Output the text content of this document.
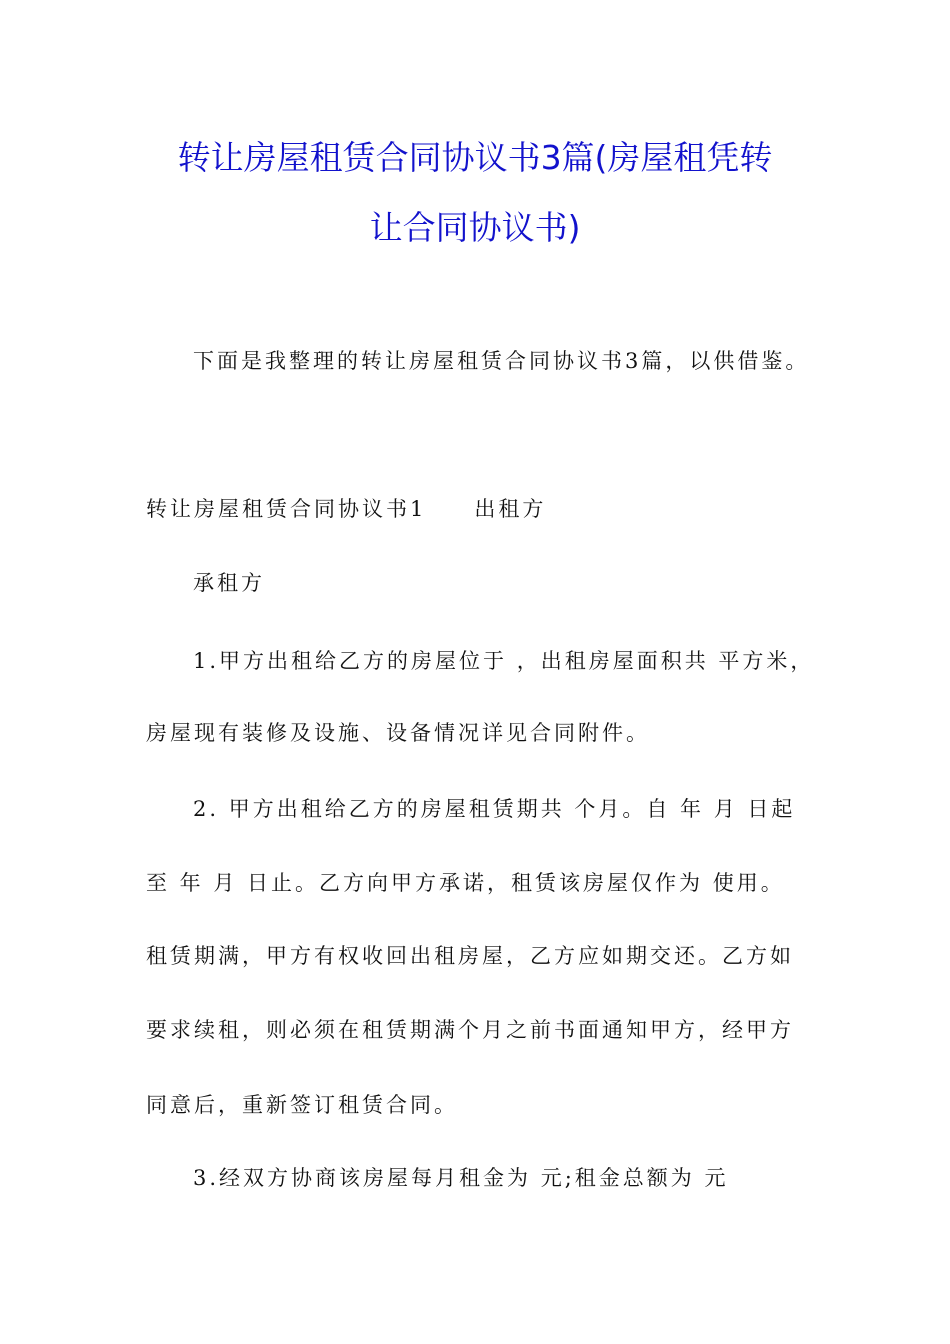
转让房屋租赁合同协议书3篇(房屋租凭转
让合同协议书)
下面是我整理的转让房屋租赁合同协议书3篇，以供借鉴。
转让房屋租赁合同协议书1　　出租方
承租方
1.甲方出租给乙方的房屋位于 ，出租房屋面积共 平方米，
房屋现有装修及设施、设备情况详见合同附件。
2. 甲方出租给乙方的房屋租赁期共 个月。自 年 月 日起
至 年 月 日止。乙方向甲方承诺，租赁该房屋仅作为 使用。
租赁期满，甲方有权收回出租房屋，乙方应如期交还。乙方如
要求续租，则必须在租赁期满个月之前书面通知甲方，经甲方
同意后，重新签订租赁合同。
3.经双方协商该房屋每月租金为 元;租金总额为 元
